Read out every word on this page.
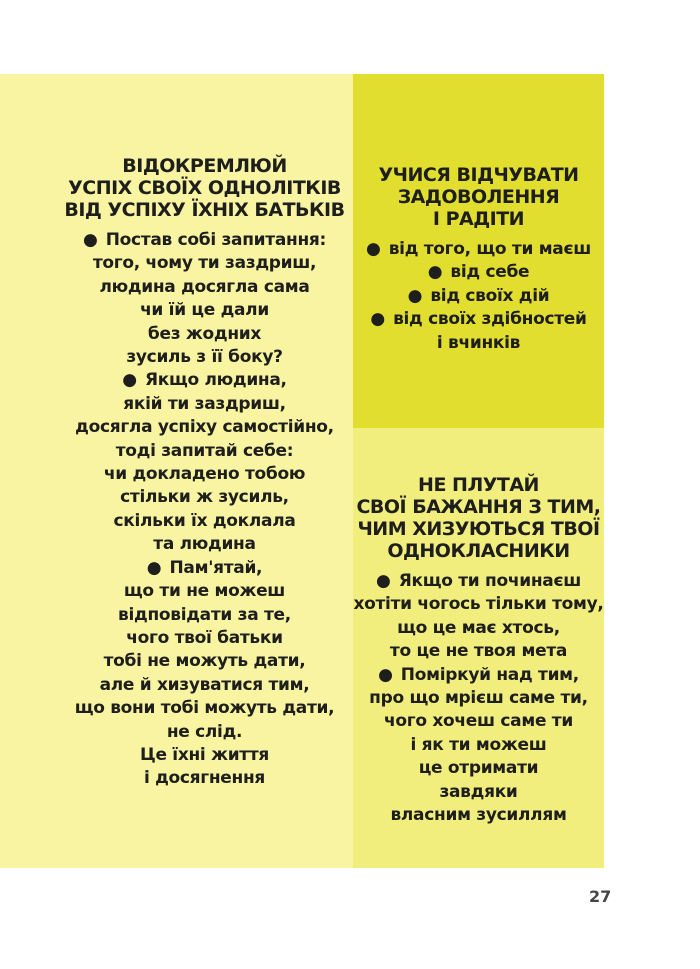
ВІДОКРЕМЛЮЙ
УСПІХ СВОЇХ ОДНОЛІТКІВ
ВІД УСПІХУ ЇХНІХ БАТЬКІВ
● Постав собі запитання:
того, чому ти заздриш,
людина досягла сама
чи їй це дали
без жодних
зусиль з її боку?
● Якщо людина,
якій ти заздриш,
досягла успіху самостійно,
тоді запитай себе:
чи докладено тобою
стільки ж зусиль,
скільки їх доклала
та людина
● Пам'ятай,
що ти не можеш
відповідати за те,
чого твої батьки
тобі не можуть дати,
але й хизуватися тим,
що вони тобі можуть дати,
не слід.
Це їхні життя
і досягнення
УЧИСЯ ВІДЧУВАТИ
ЗАДОВОЛЕННЯ
І РАДІТИ
● від того, що ти маєш
● від себе
● від своїх дій
● від своїх здібностей
і вчинків
НЕ ПЛУТАЙ
СВОЇ БАЖАННЯ З ТИМ,
ЧИМ ХИЗУЮТЬСЯ ТВОЇ
ОДНОКЛАСНИКИ
● Якщо ти починаєш
хотіти чогось тільки тому,
що це має хтось,
то це не твоя мета
● Поміркуй над тим,
про що мрієш саме ти,
чого хочеш саме ти
і як ти можеш
це отримати
завдяки
власним зусиллям
27
